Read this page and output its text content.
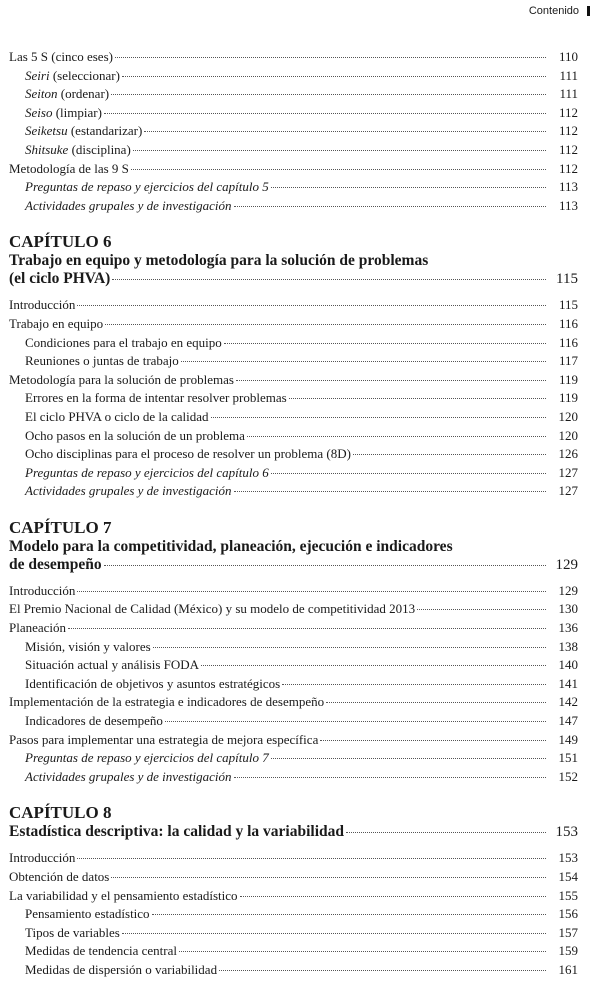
Contenido
Las 5 S (cinco eses)	110
Seiri (seleccionar)	111
Seiton (ordenar)	111
Seiso (limpiar)	112
Seiketsu (estandarizar)	112
Shitsuke (disciplina)	112
Metodología de las 9 S	112
Preguntas de repaso y ejercicios del capítulo 5	113
Actividades grupales y de investigación	113
CAPÍTULO 6
Trabajo en equipo y metodología para la solución de problemas
(el ciclo PHVA)	115
Introducción	115
Trabajo en equipo	116
Condiciones para el trabajo en equipo	116
Reuniones o juntas de trabajo	117
Metodología para la solución de problemas	119
Errores en la forma de intentar resolver problemas	119
El ciclo PHVA o ciclo de la calidad	120
Ocho pasos en la solución de un problema	120
Ocho disciplinas para el proceso de resolver un problema (8D)	126
Preguntas de repaso y ejercicios del capítulo 6	127
Actividades grupales y de investigación	127
CAPÍTULO 7
Modelo para la competitividad, planeación, ejecución e indicadores
de desempeño	129
Introducción	129
El Premio Nacional de Calidad (México) y su modelo de competitividad 2013	130
Planeación	136
Misión, visión y valores	138
Situación actual y análisis FODA	140
Identificación de objetivos y asuntos estratégicos	141
Implementación de la estrategia e indicadores de desempeño	142
Indicadores de desempeño	147
Pasos para implementar una estrategia de mejora específica	149
Preguntas de repaso y ejercicios del capítulo 7	151
Actividades grupales y de investigación	152
CAPÍTULO 8
Estadística descriptiva: la calidad y la variabilidad	153
Introducción	153
Obtención de datos	154
La variabilidad y el pensamiento estadístico	155
Pensamiento estadístico	156
Tipos de variables	157
Medidas de tendencia central	159
Medidas de dispersión o variabilidad	161
